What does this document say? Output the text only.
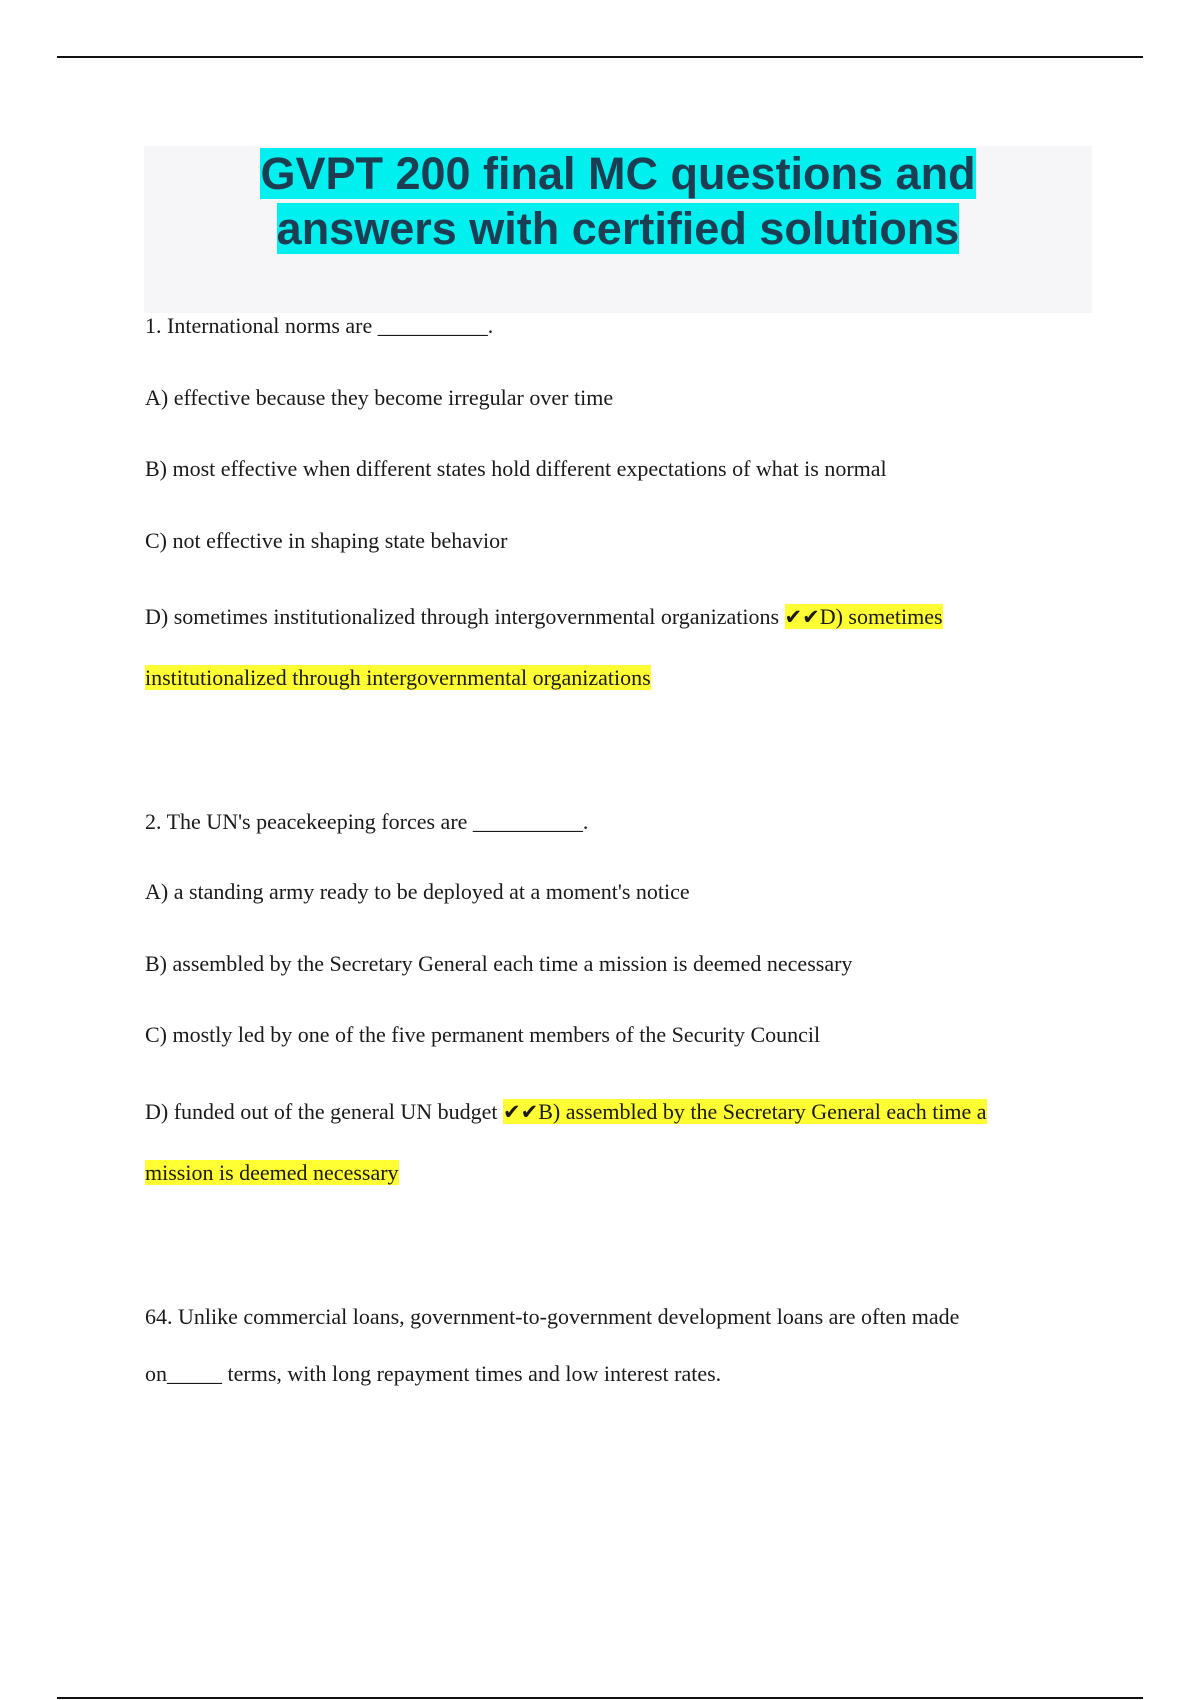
GVPT 200 final MC questions and
answers with certified solutions
1. International norms are __________.
A) effective because they become irregular over time
B) most effective when different states hold different expectations of what is normal
C) not effective in shaping state behavior
D) sometimes institutionalized through intergovernmental organizations ✔✔D) sometimes
institutionalized through intergovernmental organizations
2. The UN's peacekeeping forces are __________.
A) a standing army ready to be deployed at a moment's notice
B) assembled by the Secretary General each time a mission is deemed necessary
C) mostly led by one of the five permanent members of the Security Council
D) funded out of the general UN budget ✔✔B) assembled by the Secretary General each time a
mission is deemed necessary
64. Unlike commercial loans, government-to-government development loans are often made
on_____ terms, with long repayment times and low interest rates.
